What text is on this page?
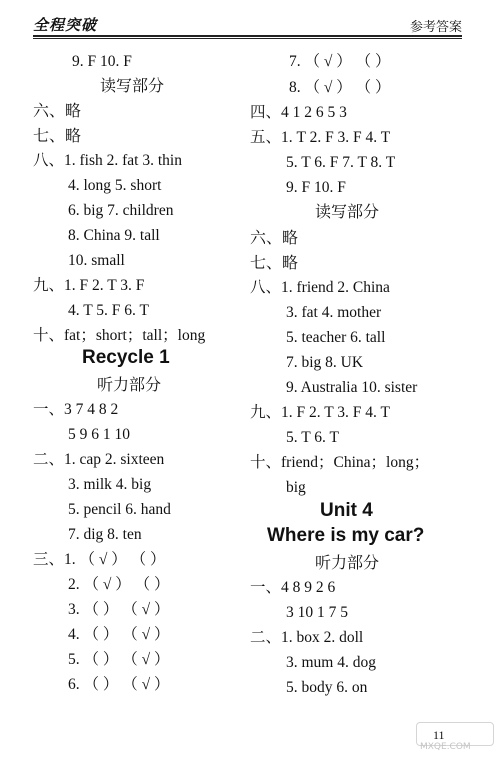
全程突破	参考答案
9. F 10. F
读写部分
六、略
七、略
八、1. fish 2. fat 3. thin
4. long 5. short
6. big 7. children
8. China 9. tall
10. small
九、1. F 2. T 3. F
4. T 5. F 6. T
十、fat；short；tall；long
Recycle 1
听力部分
一、3 7 4 8 2
5 9 6 1 10
二、1. cap 2. sixteen
3. milk 4. big
5. pencil 6. hand
7. dig 8. ten
三、1. （ √ ） （ ）
2. （ √ ） （ ）
3. （ ） （ √ ）
4. （ ） （ √ ）
5. （ ） （ √ ）
6. （ ） （ √ ）
7. （ √ ） （ ）
8. （ √ ） （ ）
四、4 1 2 6 5 3
五、1. T 2. F 3. F 4. T
5. T 6. F 7. T 8. T
9. F 10. F
读写部分
六、略
七、略
八、1. friend 2. China
3. fat 4. mother
5. teacher 6. tall
7. big 8. UK
9. Australia 10. sister
九、1. F 2. T 3. F 4. T
5. T 6. T
十、friend；China；long；
big
Unit 4
Where is my car?
听力部分
一、4 8 9 2 6
3 10 1 7 5
二、1. box 2. doll
3. mum 4. dog
5. body 6. on
MXQE.COM
11
